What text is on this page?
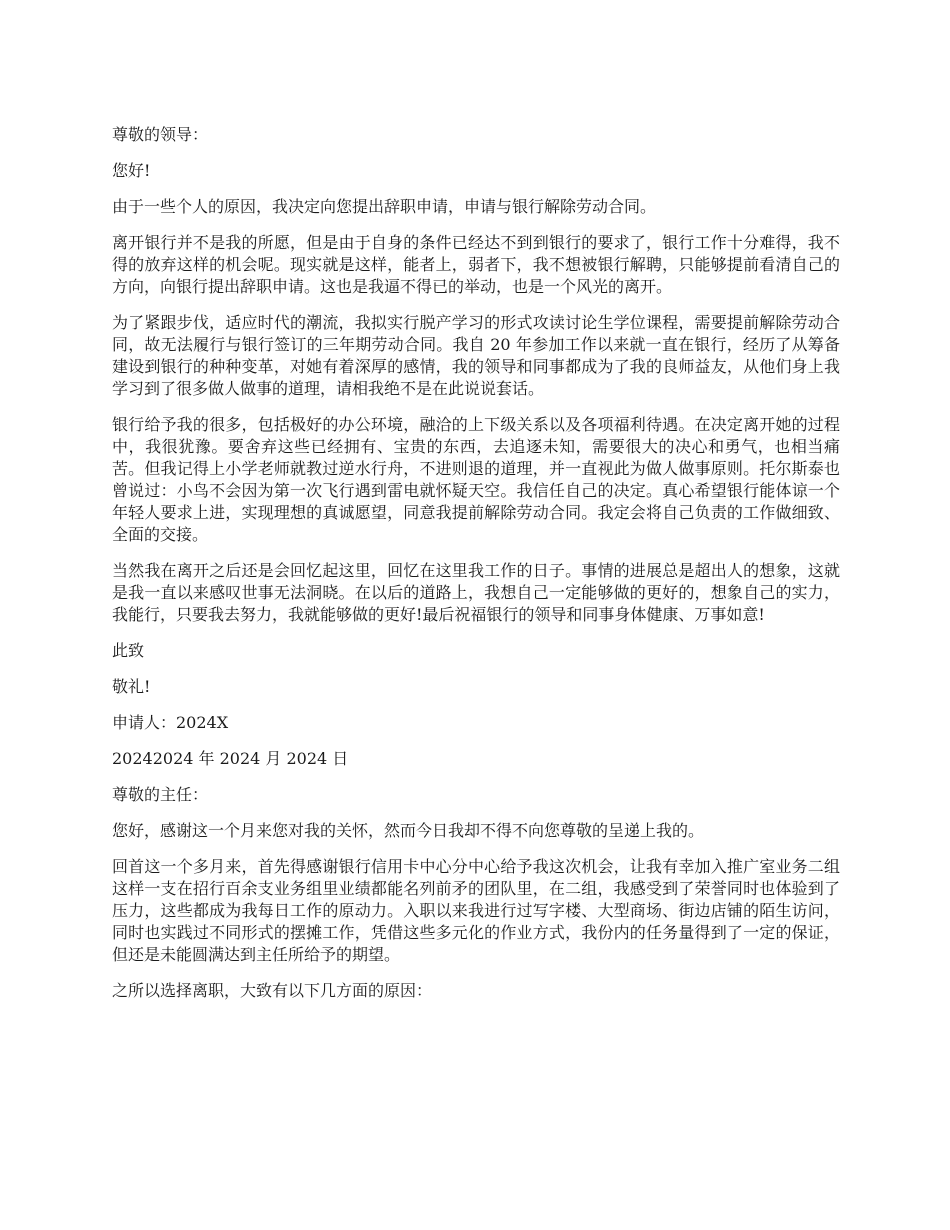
尊敬的领导：

您好!

由于一些个人的原因，我决定向您提出辞职申请，申请与银行解除劳动合同。

离开银行并不是我的所愿，但是由于自身的条件已经达不到到银行的要求了，银行工作十分难得，我不得的放弃这样的机会呢。现实就是这样，能者上，弱者下，我不想被银行解聘，只能够提前看清自己的方向，向银行提出辞职申请。这也是我逼不得已的举动，也是一个风光的离开。

为了紧跟步伐，适应时代的潮流，我拟实行脱产学习的形式攻读讨论生学位课程，需要提前解除劳动合同，故无法履行与银行签订的三年期劳动合同。我自 20 年参加工作以来就一直在银行，经历了从筹备建设到银行的种种变革，对她有着深厚的感情，我的领导和同事都成为了我的良师益友，从他们身上我学习到了很多做人做事的道理，请相我绝不是在此说说套话。

银行给予我的很多，包括极好的办公环境，融洽的上下级关系以及各项福利待遇。在决定离开她的过程中，我很犹豫。要舍弃这些已经拥有、宝贵的东西，去追逐未知，需要很大的决心和勇气，也相当痛苦。但我记得上小学老师就教过逆水行舟，不进则退的道理，并一直视此为做人做事原则。托尔斯泰也曾说过：小鸟不会因为第一次飞行遇到雷电就怀疑天空。我信任自己的决定。真心希望银行能体谅一个年轻人要求上进，实现理想的真诚愿望，同意我提前解除劳动合同。我定会将自己负责的工作做细致、全面的交接。

当然我在离开之后还是会回忆起这里，回忆在这里我工作的日子。事情的进展总是超出人的想象，这就是我一直以来感叹世事无法洞晓。在以后的道路上，我想自己一定能够做的更好的，想象自己的实力，我能行，只要我去努力，我就能够做的更好!最后祝福银行的领导和同事身体健康、万事如意!

此致

敬礼!

申请人：2024X

20242024 年 2024 月 2024 日

尊敬的主任：

您好，感谢这一个月来您对我的关怀，然而今日我却不得不向您尊敬的呈递上我的。

回首这一个多月来，首先得感谢银行信用卡中心分中心给予我这次机会，让我有幸加入推广室业务二组这样一支在招行百余支业务组里业绩都能名列前矛的团队里，在二组，我感受到了荣誉同时也体验到了压力，这些都成为我每日工作的原动力。入职以来我进行过写字楼、大型商场、街边店铺的陌生访问，同时也实践过不同形式的摆摊工作，凭借这些多元化的作业方式，我份内的任务量得到了一定的保证，但还是未能圆满达到主任所给予的期望。

之所以选择离职，大致有以下几方面的原因：
